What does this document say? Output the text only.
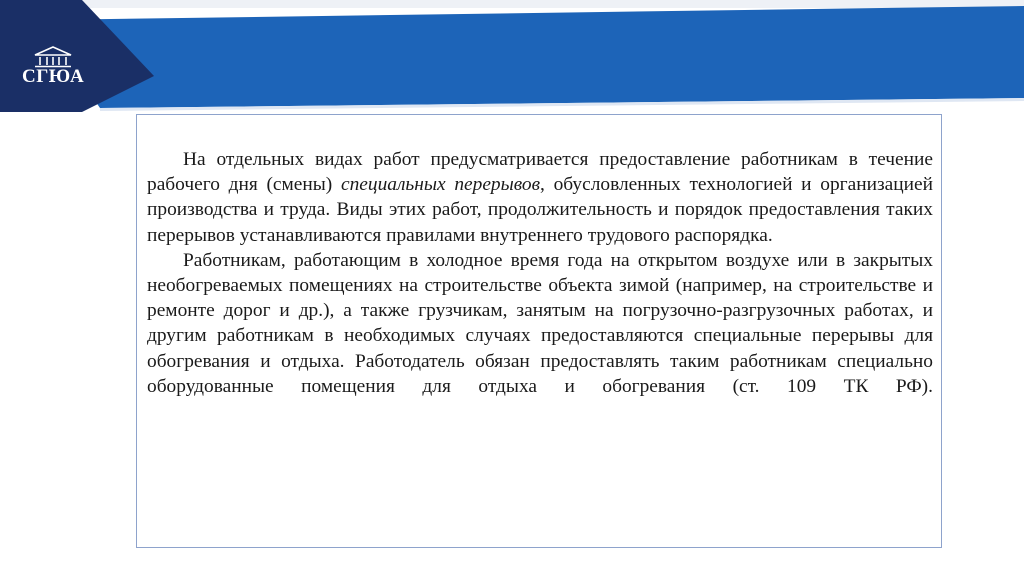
СГЮА

На отдельных видах работ предусматривается предоставление работникам в течение рабочего дня (смены) специальных перерывов, обусловленных технологией и организацией производства и труда. Виды этих работ, продолжительность и порядок предоставления таких перерывов устанавливаются правилами внутреннего трудового распорядка.

Работникам, работающим в холодное время года на открытом воздухе или в закрытых необогреваемых помещениях на строительстве объекта зимой (например, на строительстве и ремонте дорог и др.), а также грузчикам, занятым на погрузочно-разгрузочных работах, и другим работникам в необходимых случаях предоставляются специальные перерывы для обогревания и отдыха. Работодатель обязан предоставлять таким работникам специально оборудованные помещения для отдыха и обогревания (ст. 109 ТК РФ).
